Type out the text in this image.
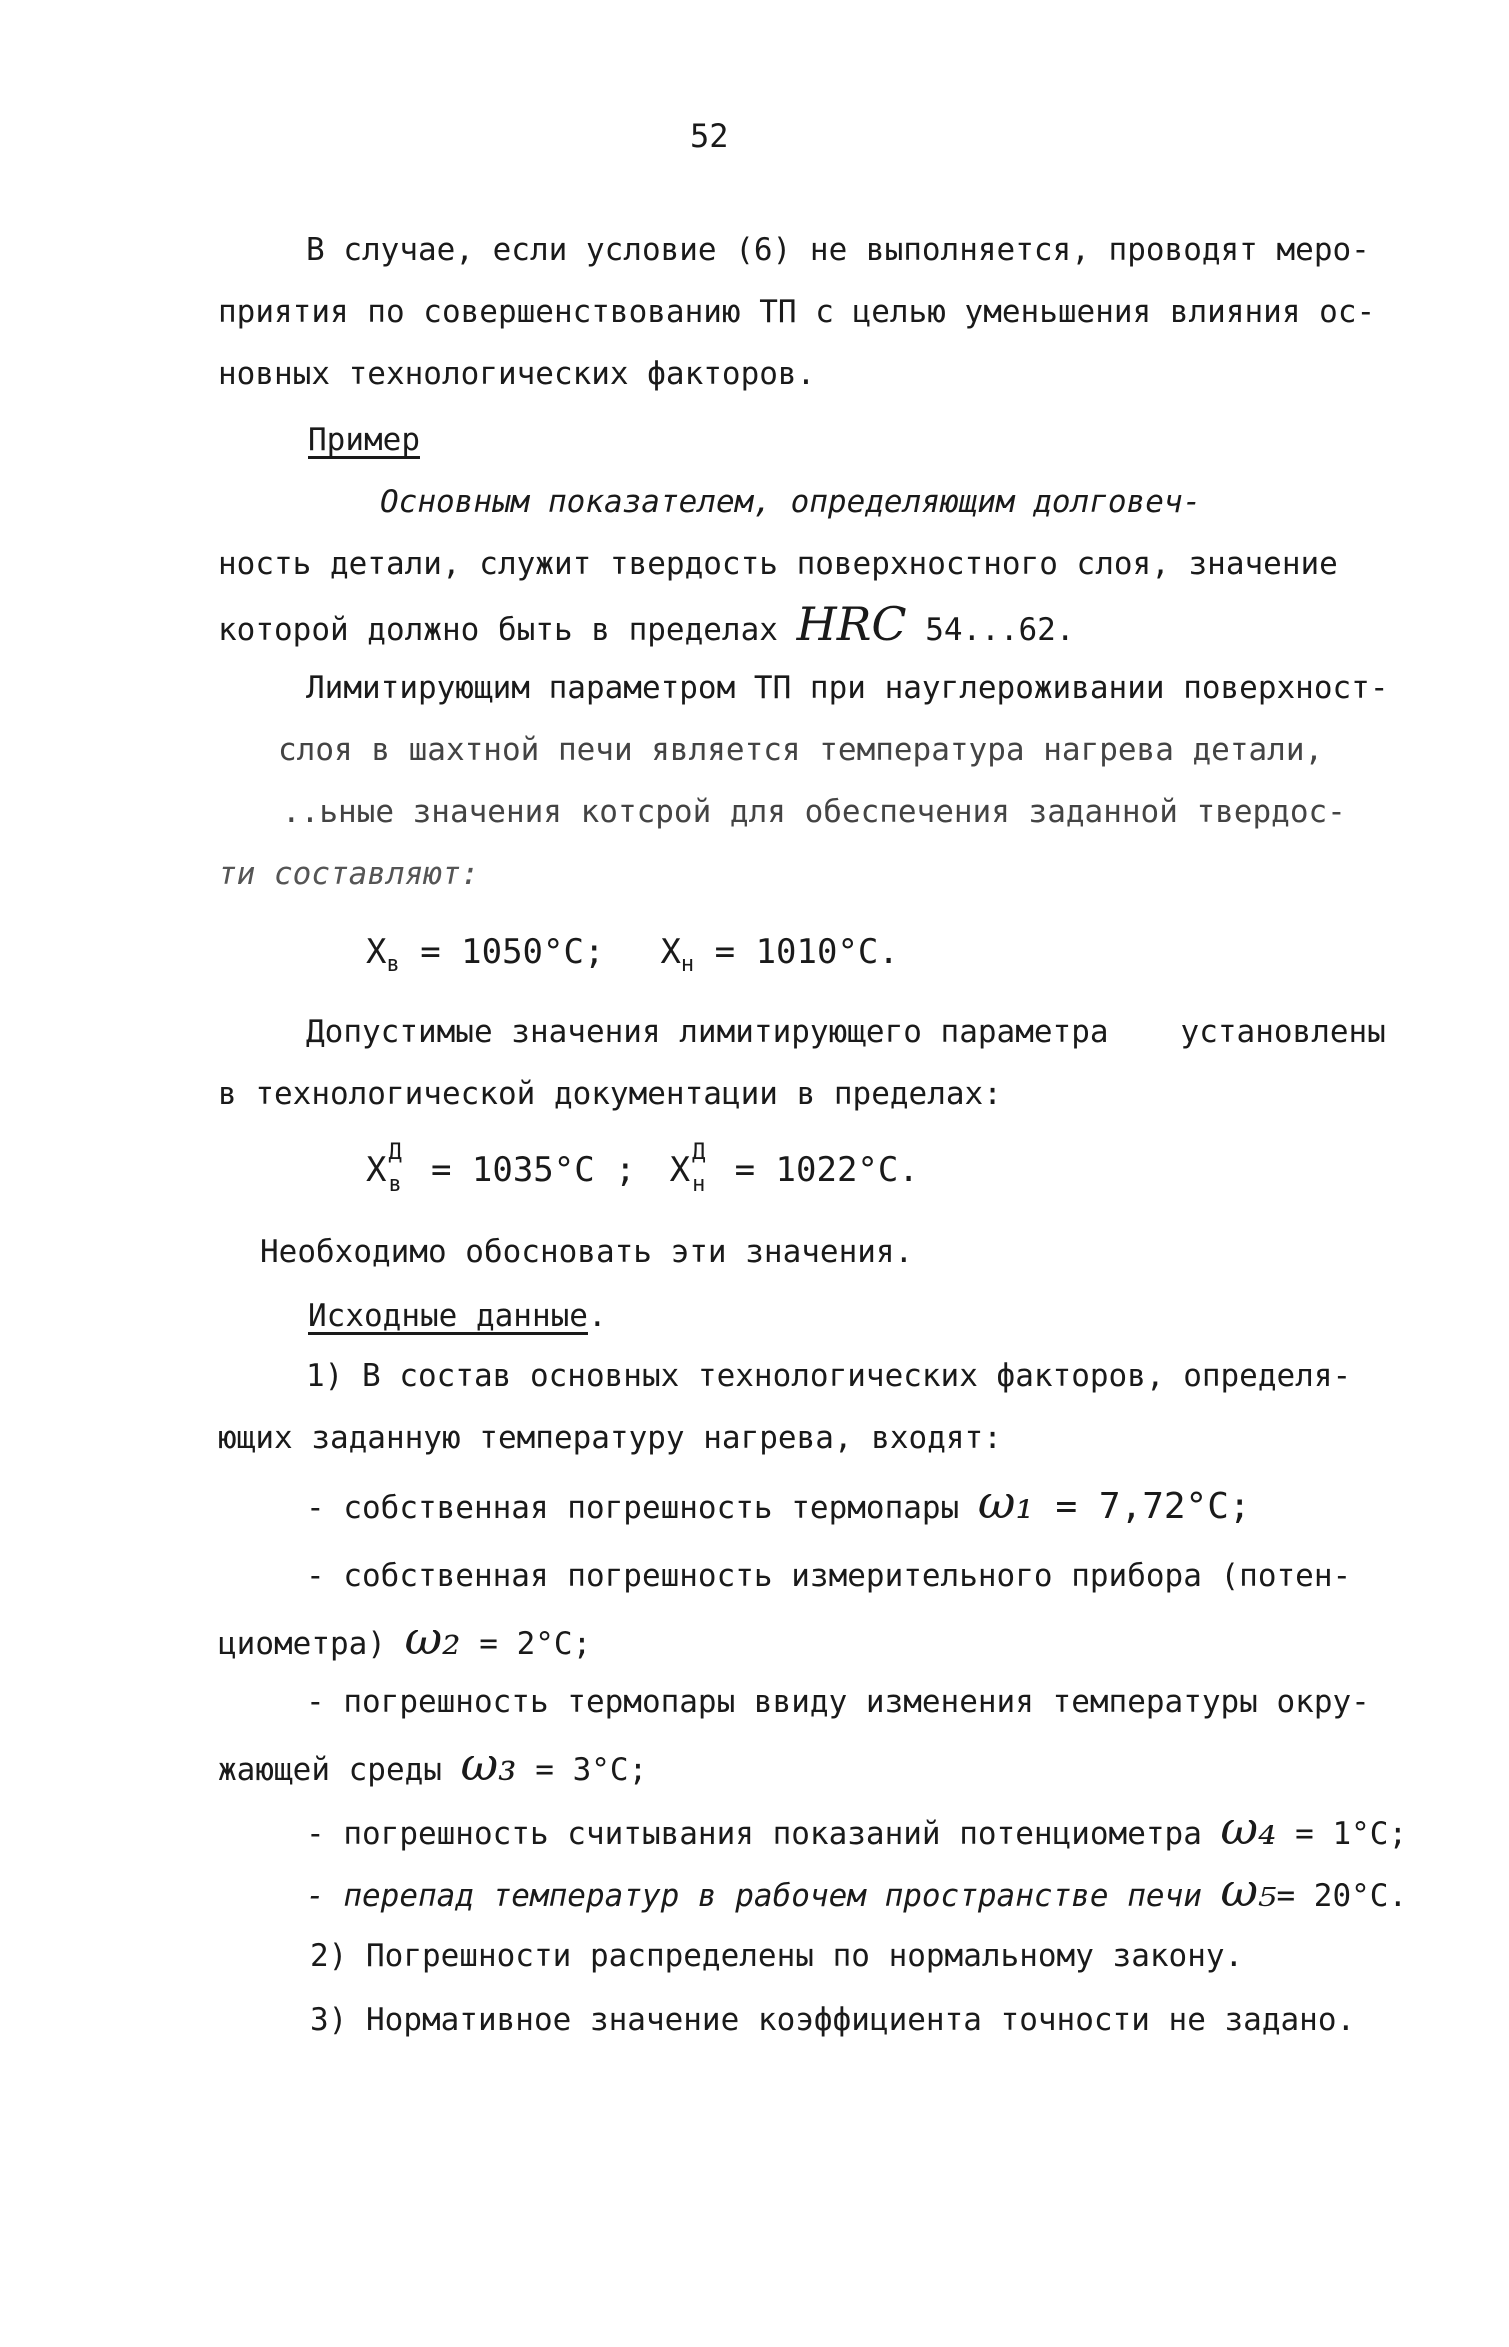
52
В случае, если условие (6) не выполняется, проводят меро-
приятия по совершенствованию ТП с целью уменьшения влияния ос-
новных технологических факторов.
Пример
Основным показателем, определяющим долговеч-
ность детали, служит твердость поверхностного слоя, значение
которой должно быть в пределах HRC 54...62.
Лимитирующим параметром ТП при науглероживании поверхност-
слоя в шахтной печи является температура нагрева детали,
..ьные значения котсрой для обеспечения заданной твердос-
ти составляют:
$X_в = 1050^\circ С$; $X_н = 1010^\circ С$.
Допустимые значения лимитирующего параметра установлены
в технологической документации в пределах:
X Д
в = 1035°С ; X Д
н = 1022°С.
Необходимо обосновать эти значения.
Исходные данные.
1) В состав основных технологических факторов, определя-
ющих заданную температуру нагрева, входят:
- собственная погрешность термопары ω₁ = 7,72°С;
- собственная погрешность измерительного прибора (потен-
циометра) ω₂ = 2°С;
- погрешность термопары ввиду изменения температуры окру-
жающей среды ω₃ = 3°С;
- погрешность считывания показаний потенциометра ω₄ = 1°С;
- перепад температур в рабочем пространстве печи ω₅= 20°С.
2) Погрешности распределены по нормальному закону.
3) Нормативное значение коэффициента точности не задано.
